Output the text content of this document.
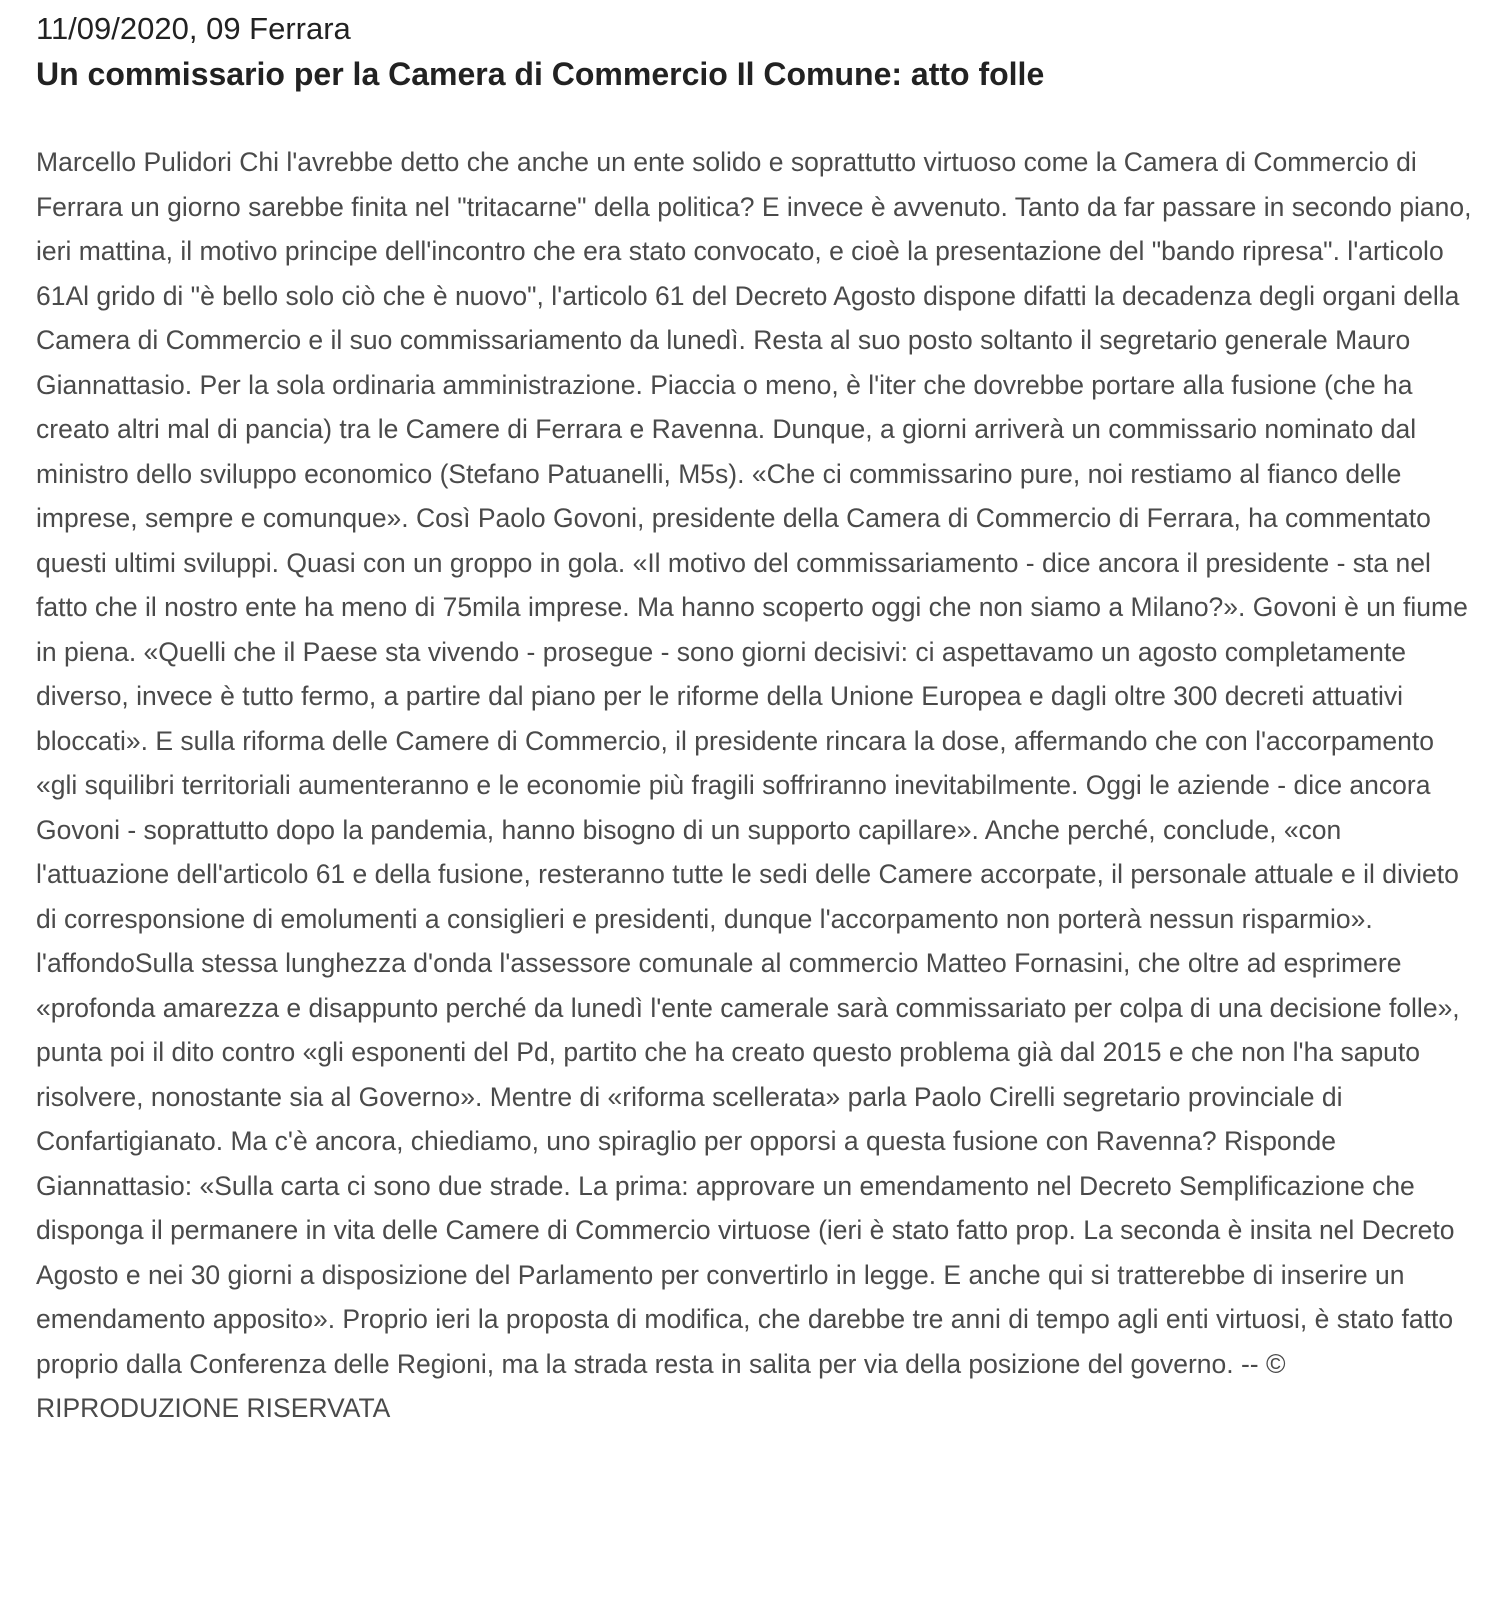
11/09/2020, 09 Ferrara
Un commissario per la Camera di Commercio Il Comune: atto folle

Marcello Pulidori Chi l'avrebbe detto che anche un ente solido e soprattutto virtuoso come la Camera di Commercio di Ferrara un giorno sarebbe finita nel "tritacarne" della politica? E invece è avvenuto. Tanto da far passare in secondo piano, ieri mattina, il motivo principe dell'incontro che era stato convocato, e cioè la presentazione del "bando ripresa". l'articolo 61Al grido di "è bello solo ciò che è nuovo", l'articolo 61 del Decreto Agosto dispone difatti la decadenza degli organi della Camera di Commercio e il suo commissariamento da lunedì. Resta al suo posto soltanto il segretario generale Mauro Giannattasio. Per la sola ordinaria amministrazione. Piaccia o meno, è l'iter che dovrebbe portare alla fusione (che ha creato altri mal di pancia) tra le Camere di Ferrara e Ravenna. Dunque, a giorni arriverà un commissario nominato dal ministro dello sviluppo economico (Stefano Patuanelli, M5s). «Che ci commissarino pure, noi restiamo al fianco delle imprese, sempre e comunque». Così Paolo Govoni, presidente della Camera di Commercio di Ferrara, ha commentato questi ultimi sviluppi. Quasi con un groppo in gola. «Il motivo del commissariamento - dice ancora il presidente - sta nel fatto che il nostro ente ha meno di 75mila imprese. Ma hanno scoperto oggi che non siamo a Milano?». Govoni è un fiume in piena. «Quelli che il Paese sta vivendo - prosegue - sono giorni decisivi: ci aspettavamo un agosto completamente diverso, invece è tutto fermo, a partire dal piano per le riforme della Unione Europea e dagli oltre 300 decreti attuativi bloccati». E sulla riforma delle Camere di Commercio, il presidente rincara la dose, affermando che con l'accorpamento «gli squilibri territoriali aumenteranno e le economie più fragili soffriranno inevitabilmente. Oggi le aziende - dice ancora Govoni - soprattutto dopo la pandemia, hanno bisogno di un supporto capillare». Anche perché, conclude, «con l'attuazione dell'articolo 61 e della fusione, resteranno tutte le sedi delle Camere accorpate, il personale attuale e il divieto di corresponsione di emolumenti a consiglieri e presidenti, dunque l'accorpamento non porterà nessun risparmio». l'affondoSulla stessa lunghezza d'onda l'assessore comunale al commercio Matteo Fornasini, che oltre ad esprimere «profonda amarezza e disappunto perché da lunedì l'ente camerale sarà commissariato per colpa di una decisione folle», punta poi il dito contro «gli esponenti del Pd, partito che ha creato questo problema già dal 2015 e che non l'ha saputo risolvere, nonostante sia al Governo». Mentre di «riforma scellerata» parla Paolo Cirelli segretario provinciale di Confartigianato. Ma c'è ancora, chiediamo, uno spiraglio per opporsi a questa fusione con Ravenna? Risponde Giannattasio: «Sulla carta ci sono due strade. La prima: approvare un emendamento nel Decreto Semplificazione che disponga il permanere in vita delle Camere di Commercio virtuose (ieri è stato fatto prop. La seconda è insita nel Decreto Agosto e nei 30 giorni a disposizione del Parlamento per convertirlo in legge. E anche qui si tratterebbe di inserire un emendamento apposito». Proprio ieri la proposta di modifica, che darebbe tre anni di tempo agli enti virtuosi, è stato fatto proprio dalla Conferenza delle Regioni, ma la strada resta in salita per via della posizione del governo. -- © RIPRODUZIONE RISERVATA
